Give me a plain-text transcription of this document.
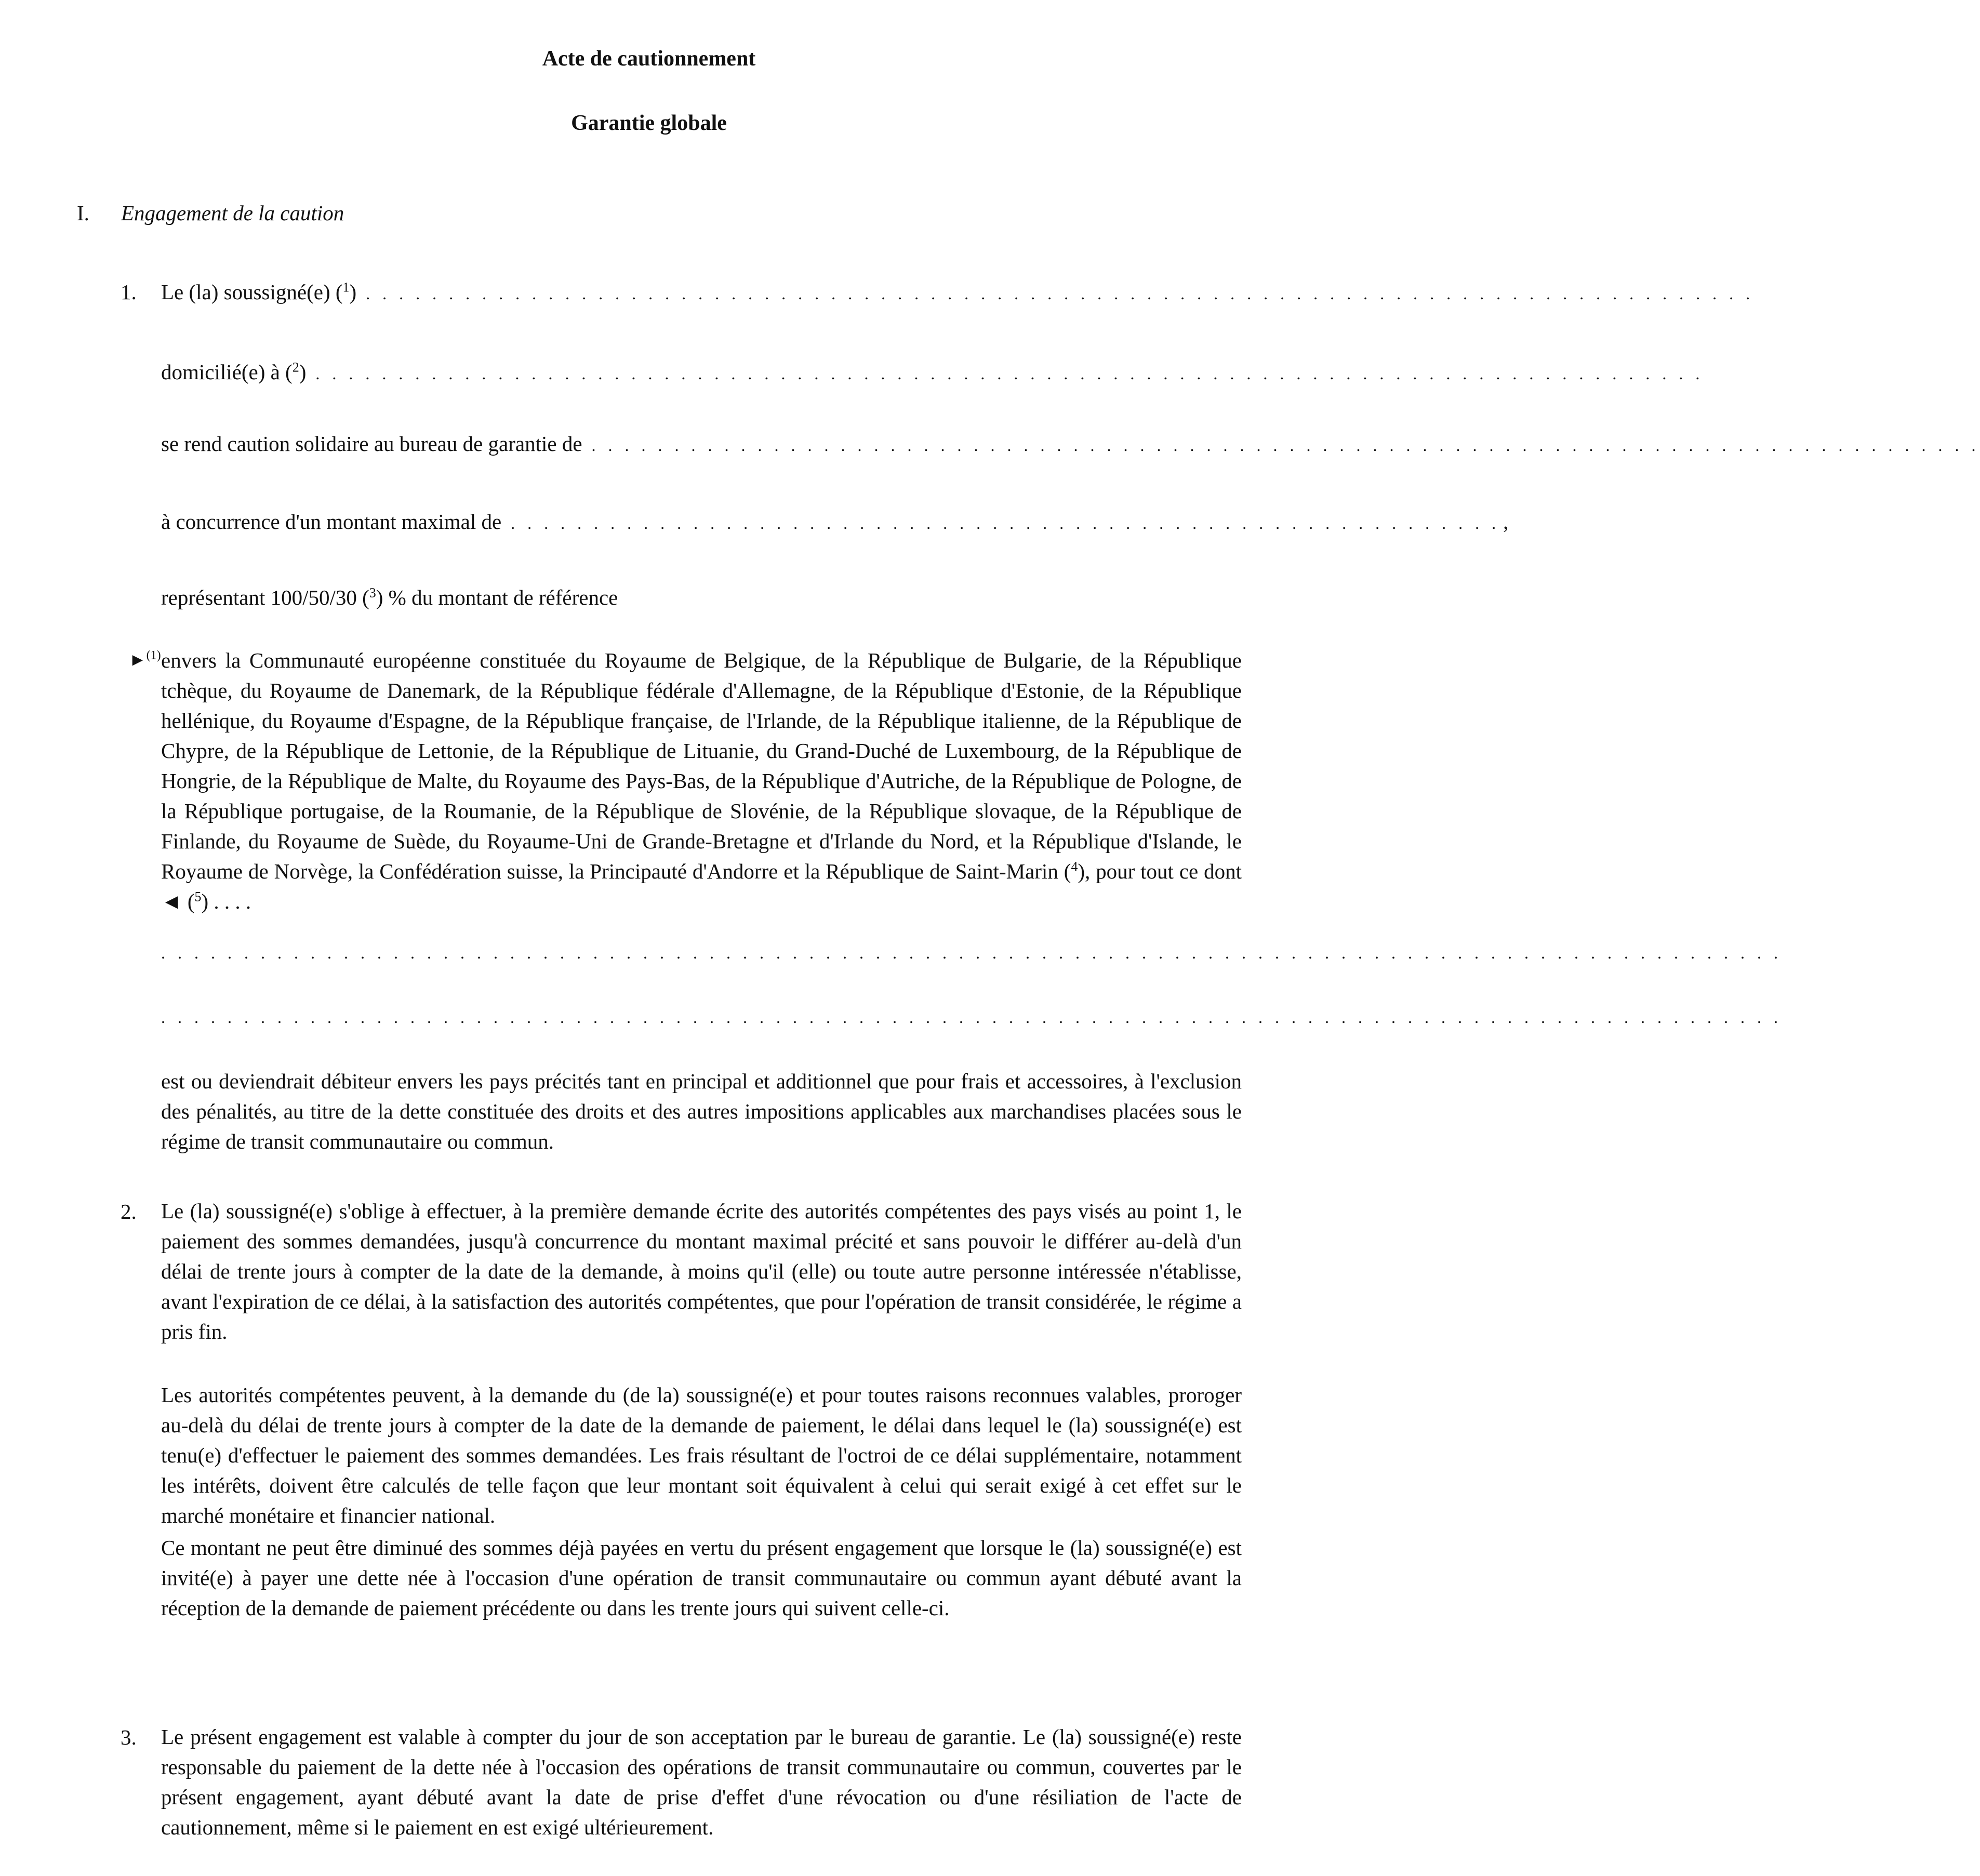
Acte de cautionnement
Garantie globale
I. Engagement de la caution
1. Le (la) soussigné(e) ($^1$) . . . . . . . . . . . . . . . . . . . . . . . . . . . . . . . . . . . . . . . . . . . . . . . . . . . . . . . . . . . . . . . . . . . . . . . . . . . . . . . . . . . .
domicilié(e) à ($^2$) . . . . . . . . . . . . . . . . . . . . . . . . . . . . . . . . . . . . . . . . . . . . . . . . . . . . . . . . . . . . . . . . . . . . . . . . . . . . . . . . . . . .
se rend caution solidaire au bureau de garantie de . . . . . . . . . . . . . . . . . . . . . . . . . . . . . . . . . . . . . . . . . . . . . . . . . . . . . . . . . . . . . . . . . . . . . . . . . . . . . . . . . . . .
à concurrence d'un montant maximal de . . . . . . . . . . . . . . . . . . . . . . . . . . . . . . . . . . . . . . . . . . . . . . . . . . . . . . . . . . . . ,
représentant 100/50/30 ($^3$) % du montant de référence
►$^{(1)}$ envers la Communauté européenne constituée du Royaume de Belgique, de la République de Bulgarie, de la République tchèque, du Royaume de Danemark, de la République fédérale d'Allemagne, de la République d'Estonie, de la République hellénique, du Royaume d'Espagne, de la République française, de l'Irlande, de la République italienne, de la République de Chypre, de la République de Lettonie, de la République de Lituanie, du Grand-Duché de Luxembourg, de la République de Hongrie, de la République de Malte, du Royaume des Pays-Bas, de la République d'Autriche, de la République de Pologne, de la République portugaise, de la Roumanie, de la République de Slovénie, de la République slovaque, de la République de Finlande, du Royaume de Suède, du Royaume-Uni de Grande-Bretagne et d'Irlande du Nord, et la République d'Islande, le Royaume de Norvège, la Confédération suisse, la Principauté d'Andorre et la République de Saint-Marin ($^4$), pour tout ce dont ◄ ($^5$) . . . .
. . . . . . . . . . . . . . . . . . . . . . . . . . . . . . . . . . . . . . . . . . . . . . . . . . . . . . . . . . . . . . . . . . . . . . . . . . . . . . . . . . . . . . . . . . . . . . . . . .
. . . . . . . . . . . . . . . . . . . . . . . . . . . . . . . . . . . . . . . . . . . . . . . . . . . . . . . . . . . . . . . . . . . . . . . . . . . . . . . . . . . . . . . . . . . . . . . . . .
est ou deviendrait débiteur envers les pays précités tant en principal et additionnel que pour frais et accessoires, à l'exclusion des pénalités, au titre de la dette constituée des droits et des autres impositions applicables aux marchandises placées sous le régime de transit communautaire ou commun.
2. Le (la) soussigné(e) s'oblige à effectuer, à la première demande écrite des autorités compétentes des pays visés au point 1, le paiement des sommes demandées, jusqu'à concurrence du montant maximal précité et sans pouvoir le différer au-delà d'un délai de trente jours à compter de la date de la demande, à moins qu'il (elle) ou toute autre personne intéressée n'établisse, avant l'expiration de ce délai, à la satisfaction des autorités compétentes, que pour l'opération de transit considérée, le régime a pris fin.
Les autorités compétentes peuvent, à la demande du (de la) soussigné(e) et pour toutes raisons reconnues valables, proroger au-delà du délai de trente jours à compter de la date de la demande de paiement, le délai dans lequel le (la) soussigné(e) est tenu(e) d'effectuer le paiement des sommes demandées. Les frais résultant de l'octroi de ce délai supplémentaire, notamment les intérêts, doivent être calculés de telle façon que leur montant soit équivalent à celui qui serait exigé à cet effet sur le marché monétaire et financier national.
Ce montant ne peut être diminué des sommes déjà payées en vertu du présent engagement que lorsque le (la) soussigné(e) est invité(e) à payer une dette née à l'occasion d'une opération de transit communautaire ou commun ayant débuté avant la réception de la demande de paiement précédente ou dans les trente jours qui suivent celle-ci.
3. Le présent engagement est valable à compter du jour de son acceptation par le bureau de garantie. Le (la) soussigné(e) reste responsable du paiement de la dette née à l'occasion des opérations de transit communautaire ou commun, couvertes par le présent engagement, ayant débuté avant la date de prise d'effet d'une révocation ou d'une résiliation de l'acte de cautionnement, même si le paiement en est exigé ultérieurement.
